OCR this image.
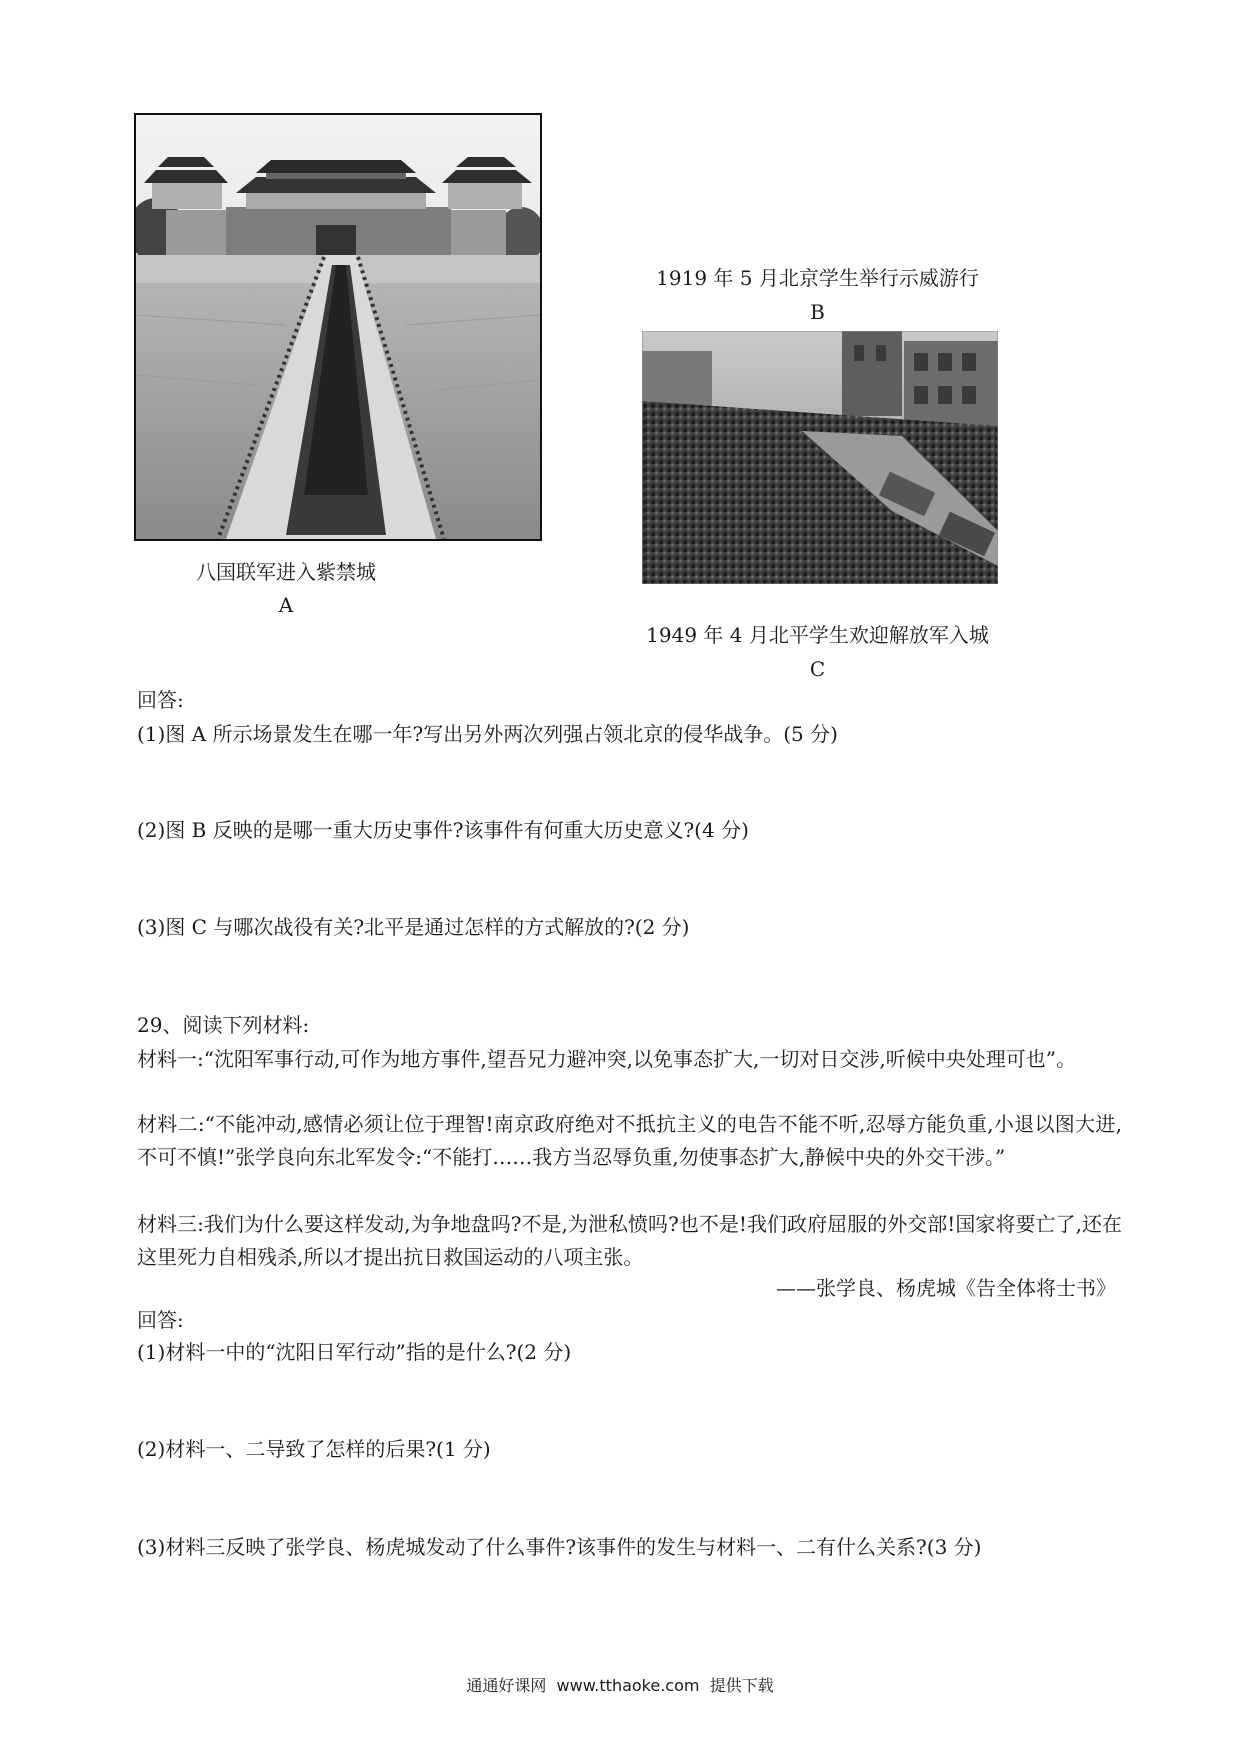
八国联军进入紫禁城
A
1919 年 5 月北京学生举行示威游行
B
1949 年 4 月北平学生欢迎解放军入城
C
回答:
(1)图 A 所示场景发生在哪一年?写出另外两次列强占领北京的侵华战争。(5 分)
(2)图 B 反映的是哪一重大历史事件?该事件有何重大历史意义?(4 分)
(3)图 C 与哪次战役有关?北平是通过怎样的方式解放的?(2 分)
29、阅读下列材料:
材料一:“沈阳军事行动,可作为地方事件,望吾兄力避冲突,以免事态扩大,一切对日交涉,听候中央处理可也”。
材料二:“不能冲动,感情必须让位于理智!南京政府绝对不抵抗主义的电告不能不听,忍辱方能负重,小退以图大进,不可不慎!”张学良向东北军发令:“不能打……我方当忍辱负重,勿使事态扩大,静候中央的外交干涉。”
材料三:我们为什么要这样发动,为争地盘吗?不是,为泄私愤吗?也不是!我们政府屈服的外交部!国家将要亡了,还在这里死力自相残杀,所以才提出抗日救国运动的八项主张。
——张学良、杨虎城《告全体将士书》
回答:
(1)材料一中的“沈阳日军行动”指的是什么?(2 分)
(2)材料一、二导致了怎样的后果?(1 分)
(3)材料三反映了张学良、杨虎城发动了什么事件?该事件的发生与材料一、二有什么关系?(3 分)
通通好课网  www.tthaoke.com  提供下载
